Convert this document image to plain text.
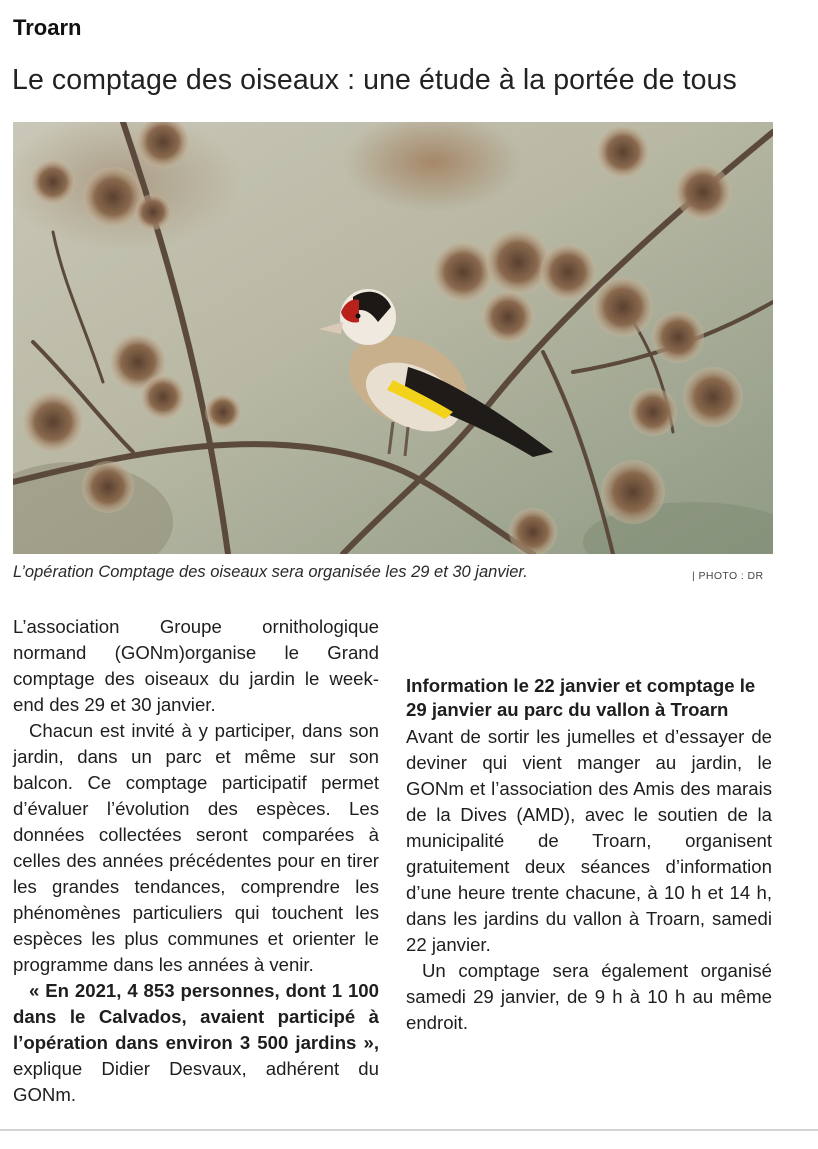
Troarn
Le comptage des oiseaux : une étude à la portée de tous
L’opération Comptage des oiseaux sera organisée les 29 et 30 janvier.	| PHOTO : DR

L’association Groupe ornithologique normand (GONm)organise le Grand comptage des oiseaux du jardin le week-end des 29 et 30 janvier.

Chacun est invité à y participer, dans son jardin, dans un parc et même sur son balcon. Ce comptage participatif permet d’évaluer l’évolution des espèces. Les données collectées seront comparées à celles des années précédentes pour en tirer les grandes tendances, comprendre les phénomènes particuliers qui touchent les espèces les plus communes et orienter le programme dans les années à venir.

« En 2021, 4 853 personnes, dont 1 100 dans le Calvados, avaient participé à l’opération dans environ 3 500 jardins », explique Didier Desvaux, adhérent du GONm.

Information le 22 janvier et comptage le 29 janvier au parc du vallon à Troarn

Avant de sortir les jumelles et d’essayer de deviner qui vient manger au jardin, le GONm et l’association des Amis des marais de la Dives (AMD), avec le soutien de la municipalité de Troarn, organisent gratuitement deux séances d’information d’une heure trente chacune, à 10 h et 14 h, dans les jardins du vallon à Troarn, samedi 22 janvier.

Un comptage sera également organisé samedi 29 janvier, de 9 h à 10 h au même endroit.
